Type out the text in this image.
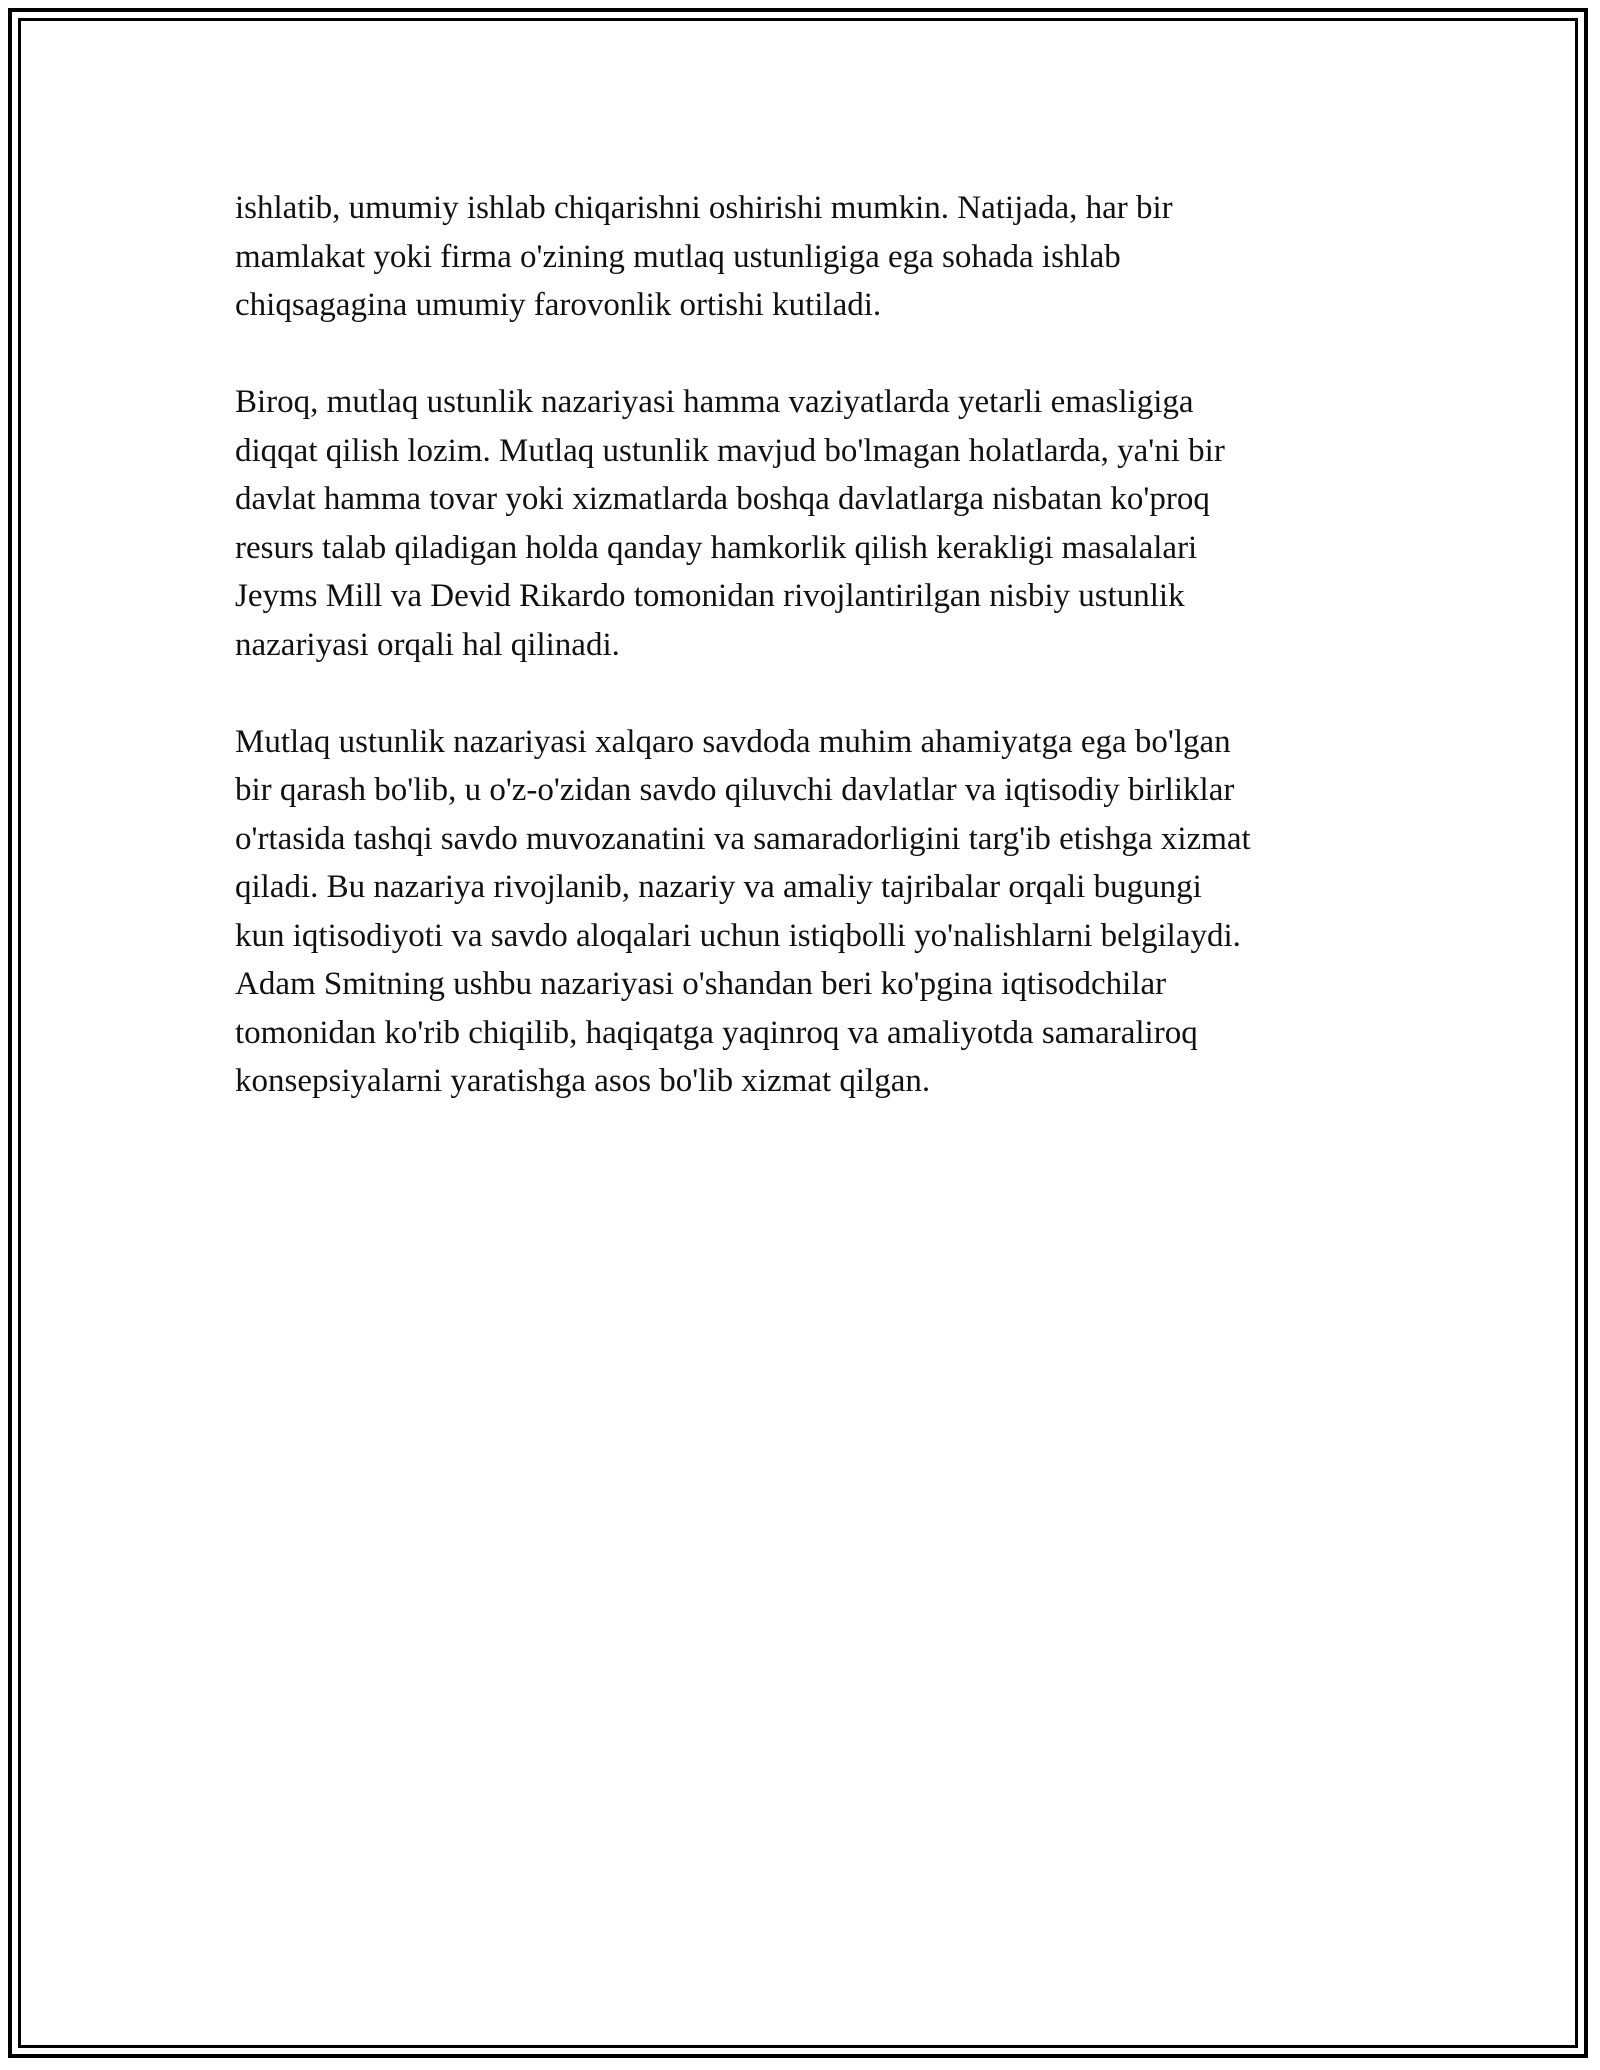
ishlatib, umumiy ishlab chiqarishni oshirishi mumkin. Natijada, har bir
mamlakat yoki firma o'zining mutlaq ustunligiga ega sohada ishlab
chiqsagagina umumiy farovonlik ortishi kutiladi.

Biroq, mutlaq ustunlik nazariyasi hamma vaziyatlarda yetarli emasligiga
diqqat qilish lozim. Mutlaq ustunlik mavjud bo'lmagan holatlarda, ya'ni bir
davlat hamma tovar yoki xizmatlarda boshqa davlatlarga nisbatan ko'proq
resurs talab qiladigan holda qanday hamkorlik qilish kerakligi masalalari
Jeyms Mill va Devid Rikardo tomonidan rivojlantirilgan nisbiy ustunlik
nazariyasi orqali hal qilinadi.

Mutlaq ustunlik nazariyasi xalqaro savdoda muhim ahamiyatga ega bo'lgan
bir qarash bo'lib, u o'z-o'zidan savdo qiluvchi davlatlar va iqtisodiy birliklar
o'rtasida tashqi savdo muvozanatini va samaradorligini targ'ib etishga xizmat
qiladi. Bu nazariya rivojlanib, nazariy va amaliy tajribalar orqali bugungi
kun iqtisodiyoti va savdo aloqalari uchun istiqbolli yo'nalishlarni belgilaydi.
Adam Smitning ushbu nazariyasi o'shandan beri ko'pgina iqtisodchilar
tomonidan ko'rib chiqilib, haqiqatga yaqinroq va amaliyotda samaraliroq
konsepsiyalarni yaratishga asos bo'lib xizmat qilgan.
